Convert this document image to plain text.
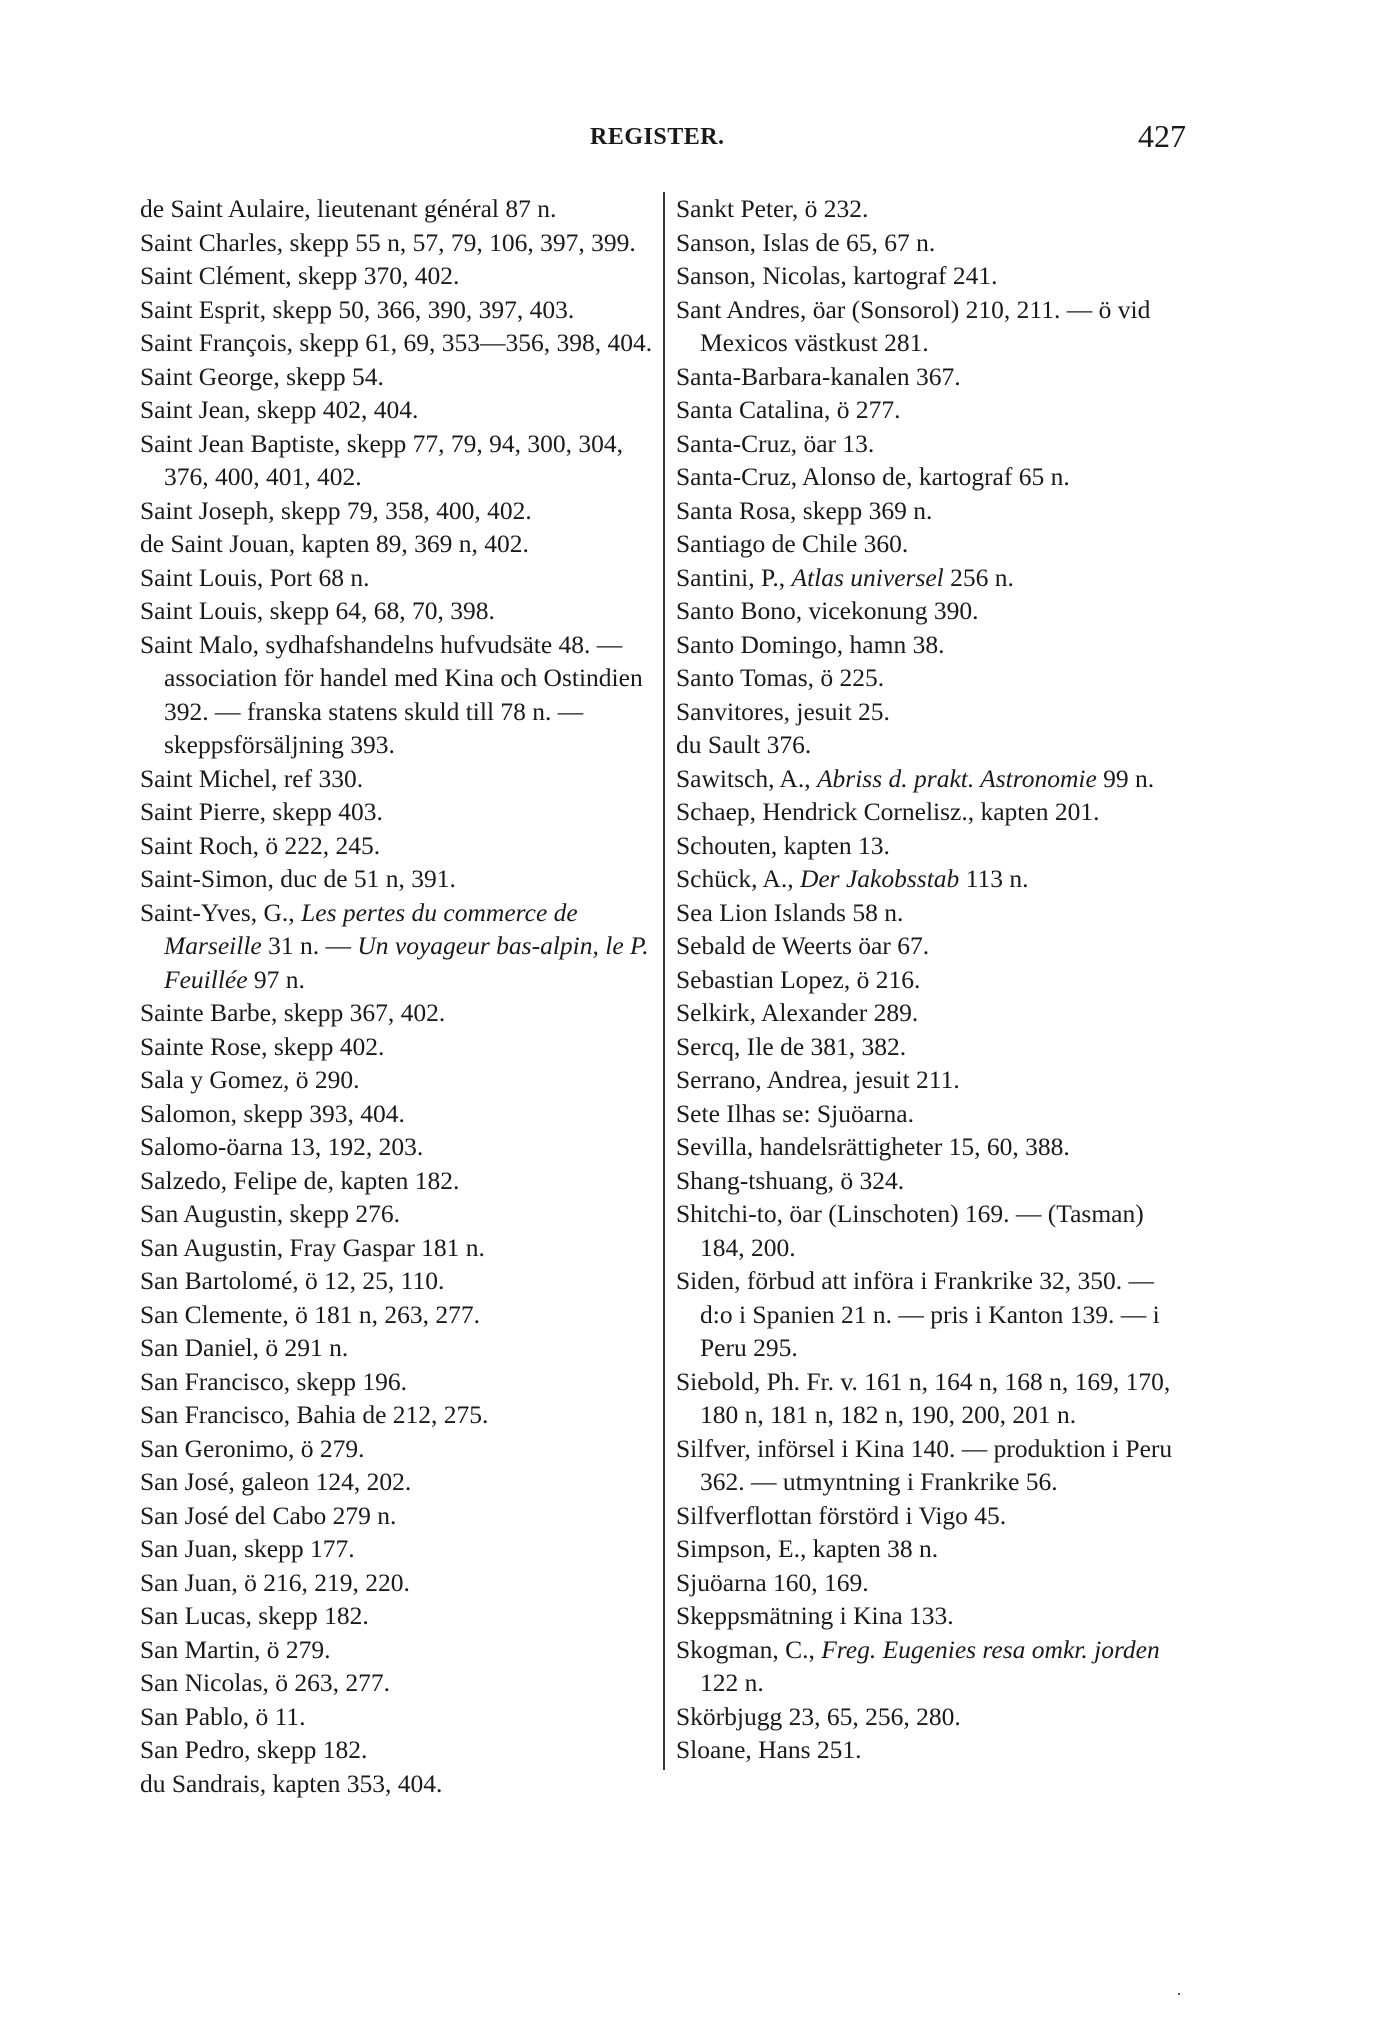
REGISTER.	427
de Saint Aulaire, lieutenant général 87 n.
Saint Charles, skepp 55 n, 57, 79, 106, 397, 399.
Saint Clément, skepp 370, 402.
Saint Esprit, skepp 50, 366, 390, 397, 403.
Saint François, skepp 61, 69, 353—356, 398, 404.
Saint George, skepp 54.
Saint Jean, skepp 402, 404.
Saint Jean Baptiste, skepp 77, 79, 94, 300, 304, 376, 400, 401, 402.
Saint Joseph, skepp 79, 358, 400, 402.
de Saint Jouan, kapten 89, 369 n, 402.
Saint Louis, Port 68 n.
Saint Louis, skepp 64, 68, 70, 398.
Saint Malo, sydhafshandelns hufvudsäte 48. — association för handel med Kina och Ostindien 392. — franska statens skuld till 78 n. — skeppsförsäljning 393.
Saint Michel, ref 330.
Saint Pierre, skepp 403.
Saint Roch, ö 222, 245.
Saint-Simon, duc de 51 n, 391.
Saint-Yves, G., Les pertes du commerce de Marseille 31 n. — Un voyageur bas-alpin, le P. Feuillée 97 n.
Sainte Barbe, skepp 367, 402.
Sainte Rose, skepp 402.
Sala y Gomez, ö 290.
Salomon, skepp 393, 404.
Salomo-öarna 13, 192, 203.
Salzedo, Felipe de, kapten 182.
San Augustin, skepp 276.
San Augustin, Fray Gaspar 181 n.
San Bartolomé, ö 12, 25, 110.
San Clemente, ö 181 n, 263, 277.
San Daniel, ö 291 n.
San Francisco, skepp 196.
San Francisco, Bahia de 212, 275.
San Geronimo, ö 279.
San José, galeon 124, 202.
San José del Cabo 279 n.
San Juan, skepp 177.
San Juan, ö 216, 219, 220.
San Lucas, skepp 182.
San Martin, ö 279.
San Nicolas, ö 263, 277.
San Pablo, ö 11.
San Pedro, skepp 182.
du Sandrais, kapten 353, 404.
Sankt Peter, ö 232.
Sanson, Islas de 65, 67 n.
Sanson, Nicolas, kartograf 241.
Sant Andres, öar (Sonsorol) 210, 211. — ö vid Mexicos västkust 281.
Santa-Barbara-kanalen 367.
Santa Catalina, ö 277.
Santa-Cruz, öar 13.
Santa-Cruz, Alonso de, kartograf 65 n.
Santa Rosa, skepp 369 n.
Santiago de Chile 360.
Santini, P., Atlas universel 256 n.
Santo Bono, vicekonung 390.
Santo Domingo, hamn 38.
Santo Tomas, ö 225.
Sanvitores, jesuit 25.
du Sault 376.
Sawitsch, A., Abriss d. prakt. Astronomie 99 n.
Schaep, Hendrick Cornelisz., kapten 201.
Schouten, kapten 13.
Schück, A., Der Jakobsstab 113 n.
Sea Lion Islands 58 n.
Sebald de Weerts öar 67.
Sebastian Lopez, ö 216.
Selkirk, Alexander 289.
Sercq, Ile de 381, 382.
Serrano, Andrea, jesuit 211.
Sete Ilhas se: Sjuöarna.
Sevilla, handelsrättigheter 15, 60, 388.
Shang-tshuang, ö 324.
Shitchi-to, öar (Linschoten) 169. — (Tasman) 184, 200.
Siden, förbud att införa i Frankrike 32, 350. — d:o i Spanien 21 n. — pris i Kanton 139. — i Peru 295.
Siebold, Ph. Fr. v. 161 n, 164 n, 168 n, 169, 170, 180 n, 181 n, 182 n, 190, 200, 201 n.
Silfver, införsel i Kina 140. — produktion i Peru 362. — utmyntning i Frankrike 56.
Silfverflottan förstörd i Vigo 45.
Simpson, E., kapten 38 n.
Sjuöarna 160, 169.
Skeppsmätning i Kina 133.
Skogman, C., Freg. Eugenies resa omkr. jorden 122 n.
Skörbjugg 23, 65, 256, 280.
Sloane, Hans 251.
